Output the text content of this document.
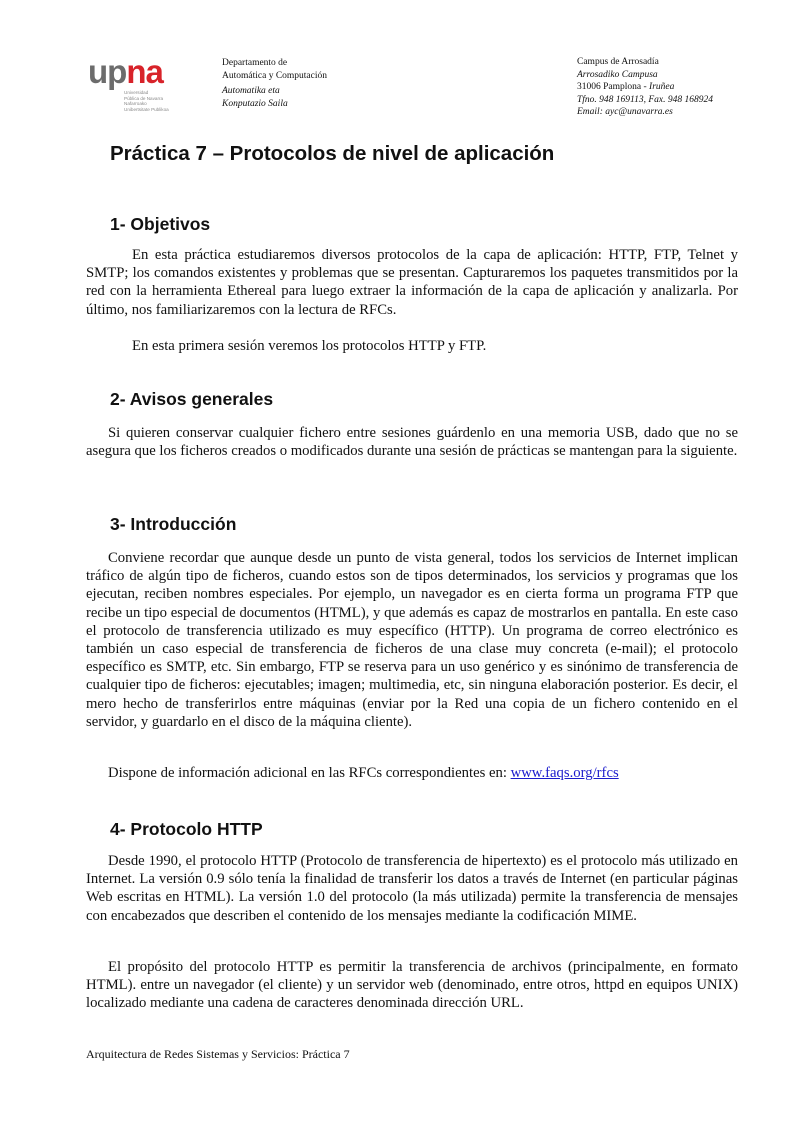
upna
Universidad
Pública de Navarra
Nafarroako
Unibertsitate Publikoa
Departamento de
Automática y Computación
Automatika eta
Konputazio Saila
Campus de Arrosadía
Arrosadiko Campusa
31006 Pamplona - Iruñea
Tfno. 948 169113, Fax. 948 168924
Email: ayc@unavarra.es
Práctica 7 – Protocolos de nivel de aplicación
1- Objetivos

En esta práctica estudiaremos diversos protocolos de la capa de aplicación: HTTP, FTP, Telnet y SMTP; los comandos existentes y problemas que se presentan. Capturaremos los paquetes transmitidos por la red con la herramienta Ethereal para luego extraer la información de la capa de aplicación y analizarla. Por último, nos familiarizaremos con la lectura de RFCs.

En esta primera sesión veremos los protocolos HTTP y FTP.

2- Avisos generales

Si quieren conservar cualquier fichero entre sesiones guárdenlo en una memoria USB, dado que no se asegura que los ficheros creados o modificados durante una sesión de prácticas se mantengan para la siguiente.

3- Introducción

Conviene recordar que aunque desde un punto de vista general, todos los servicios de Internet implican tráfico de algún tipo de ficheros, cuando estos son de tipos determinados, los servicios y programas que los ejecutan, reciben nombres especiales. Por ejemplo, un navegador es en cierta forma un programa FTP que recibe un tipo especial de documentos (HTML), y que además es capaz de mostrarlos en pantalla. En este caso el protocolo de transferencia utilizado es muy específico (HTTP). Un programa de correo electrónico es también un caso especial de transferencia de ficheros de una clase muy concreta (e-mail); el protocolo específico es SMTP, etc. Sin embargo, FTP se reserva para un uso genérico y es sinónimo de transferencia de cualquier tipo de ficheros: ejecutables; imagen; multimedia, etc, sin ninguna elaboración posterior. Es decir, el mero hecho de transferirlos entre máquinas (enviar por la Red una copia de un fichero contenido en el servidor, y guardarlo en el disco de la máquina cliente).

Dispone de información adicional en las RFCs correspondientes en: www.faqs.org/rfcs

4- Protocolo HTTP

Desde 1990, el protocolo HTTP (Protocolo de transferencia de hipertexto) es el protocolo más utilizado en Internet. La versión 0.9 sólo tenía la finalidad de transferir los datos a través de Internet (en particular páginas Web escritas en HTML). La versión 1.0 del protocolo (la más utilizada) permite la transferencia de mensajes con encabezados que describen el contenido de los mensajes mediante la codificación MIME.

El propósito del protocolo HTTP es permitir la transferencia de archivos (principalmente, en formato HTML). entre un navegador (el cliente) y un servidor web (denominado, entre otros, httpd en equipos UNIX) localizado mediante una cadena de caracteres denominada dirección URL.

Arquitectura de Redes Sistemas y Servicios: Práctica 7
